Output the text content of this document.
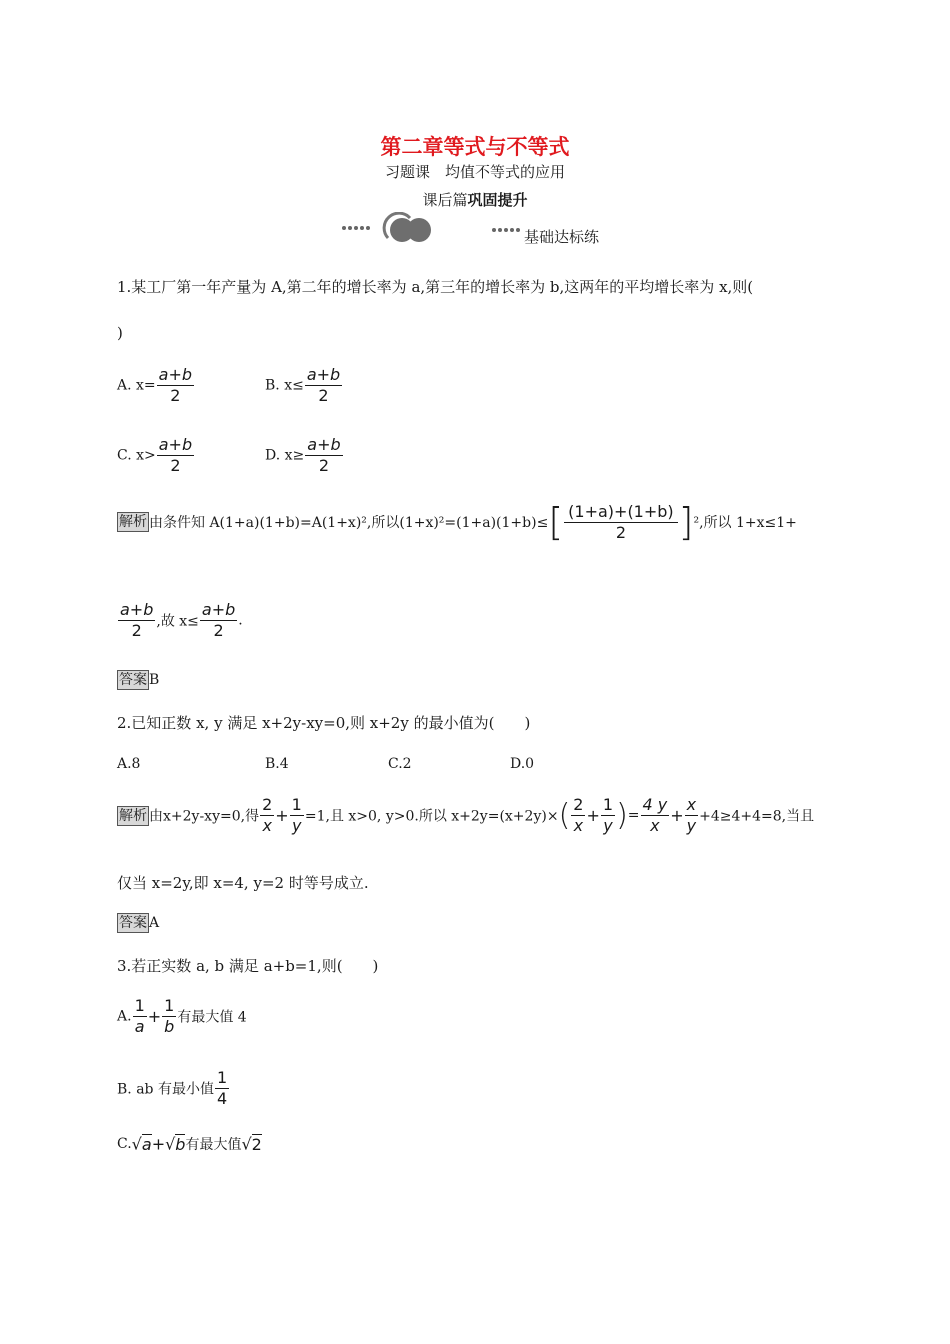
第二章等式与不等式
习题课　均值不等式的应用
课后篇巩固提升
基础达标练
1.某工厂第一年产量为 A,第二年的增长率为 a,第三年的增长率为 b,这两年的平均增长率为 x,则(
)
A. $x= \frac{a+b}{2}$	B. $x\le \frac{a+b}{2}$
C. $x> \frac{a+b}{2}$	D. $x\ge \frac{a+b}{2}$
解析 由条件知 A(1+a)(1+b)=A(1+x)²,所以$(1+x)^2=(1+a)(1+b)\le[ \frac{(1+a)+(1+b)}{2} ]^2$,所以 1+x≤1+
$\frac{a+b}{2}$ ,故 $x\le \frac{a+b}{2}$ .
答案 B
2.已知正数 x, y 满足 x+2y-xy=0,则 x+2y 的最小值为(　　)
A.8	B.4	C.2	D.0
解析 由x+2y-xy=0,得 $\frac{2}{x} + \frac{1}{y} =1$,且 x>0, y>0.所以 $x+2y=(x+2y)\times( \frac{2}{x} + \frac{1}{y}$ )= $\frac{4 y}{x} + \frac{x}{y} +4\ge 4+4=8$,当且
仅当 x=2y,即 x=4, y=2 时等号成立.
答案 A
3.若正实数 a, b 满足 a+b=1,则(　　)
A. $\frac{1}{a} + \frac{1}{b}$ 有最大值 4
B. ab 有最小值 $\frac{1}{4}$
C.√a+√b有最大值√2
